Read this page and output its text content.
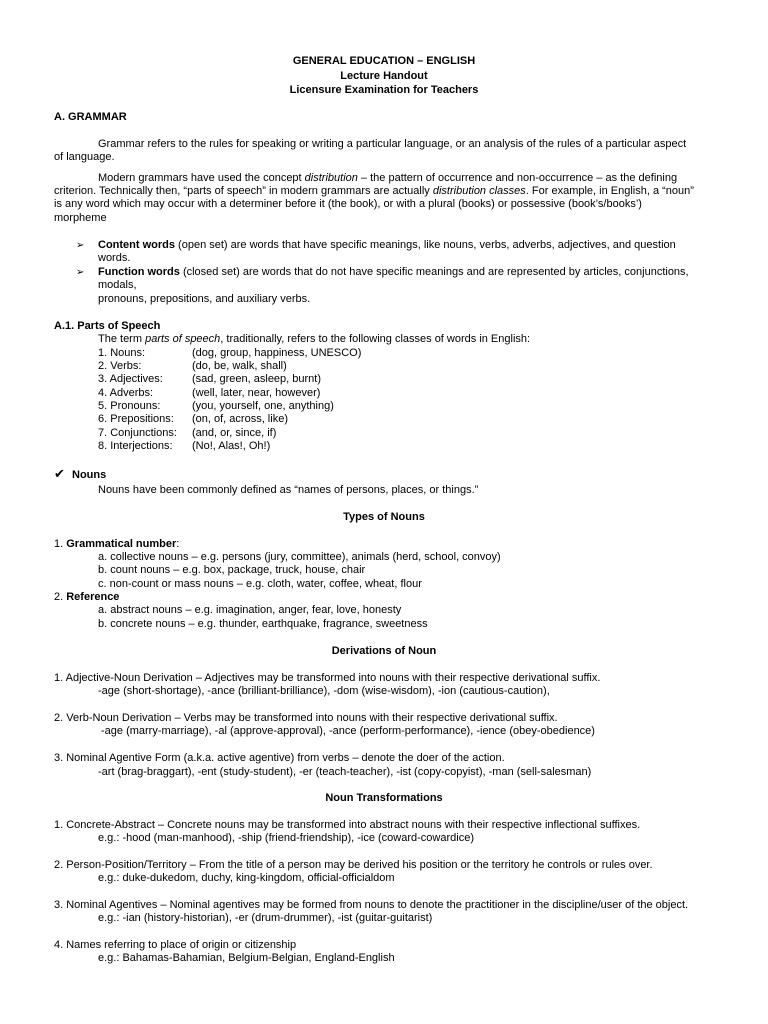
GENERAL EDUCATION – ENGLISH
Lecture Handout
Licensure Examination for Teachers
A. GRAMMAR
Grammar refers to the rules for speaking or writing a particular language, or an analysis of the rules of a particular aspect
of language.
Modern grammars have used the concept distribution – the pattern of occurrence and non-occurrence – as the defining
criterion. Technically then, “parts of speech” in modern grammars are actually distribution classes. For example, in English, a “noun”
is any word which may occur with a determiner before it (the book), or with a plural (books) or possessive (book’s/books’)
morpheme
➢ Content words (open set) are words that have specific meanings, like nouns, verbs, adverbs, adjectives, and question
words.
➢ Function words (closed set) are words that do not have specific meanings and are represented by articles, conjunctions,
modals,
pronouns, prepositions, and auxiliary verbs.
A.1. Parts of Speech
The term parts of speech, traditionally, refers to the following classes of words in English:
1. Nouns:	(dog, group, happiness, UNESCO)
2. Verbs:	(do, be, walk, shall)
3. Adjectives:	(sad, green, asleep, burnt)
4. Adverbs:	(well, later, near, however)
5. Pronouns:	(you, yourself, one, anything)
6. Prepositions: (on, of, across, like)
7. Conjunctions: (and, or, since, if)
8. Interjections: (No!, Alas!, Oh!)
✔ Nouns
Nouns have been commonly defined as “names of persons, places, or things.”
Types of Nouns
1. Grammatical number:
a. collective nouns – e.g. persons (jury, committee), animals (herd, school, convoy)
b. count nouns – e.g. box, package, truck, house, chair
c. non-count or mass nouns – e.g. cloth, water, coffee, wheat, flour
2. Reference
a. abstract nouns – e.g. imagination, anger, fear, love, honesty
b. concrete nouns – e.g. thunder, earthquake, fragrance, sweetness
Derivations of Noun
1. Adjective-Noun Derivation – Adjectives may be transformed into nouns with their respective derivational suffix.
-age (short-shortage), -ance (brilliant-brilliance), -dom (wise-wisdom), -ion (cautious-caution),
2. Verb-Noun Derivation – Verbs may be transformed into nouns with their respective derivational suffix.
-age (marry-marriage), -al (approve-approval), -ance (perform-performance), -ience (obey-obedience)
3. Nominal Agentive Form (a.k.a. active agentive) from verbs – denote the doer of the action.
-art (brag-braggart), -ent (study-student), -er (teach-teacher), -ist (copy-copyist), -man (sell-salesman)
Noun Transformations
1. Concrete-Abstract – Concrete nouns may be transformed into abstract nouns with their respective inflectional suffixes.
e.g.: -hood (man-manhood), -ship (friend-friendship), -ice (coward-cowardice)
2. Person-Position/Territory – From the title of a person may be derived his position or the territory he controls or rules over.
e.g.: duke-dukedom, duchy, king-kingdom, official-officialdom
3. Nominal Agentives – Nominal agentives may be formed from nouns to denote the practitioner in the discipline/user of the object.
e.g.: -ian (history-historian), -er (drum-drummer), -ist (guitar-guitarist)
4. Names referring to place of origin or citizenship
e.g.: Bahamas-Bahamian, Belgium-Belgian, England-English
